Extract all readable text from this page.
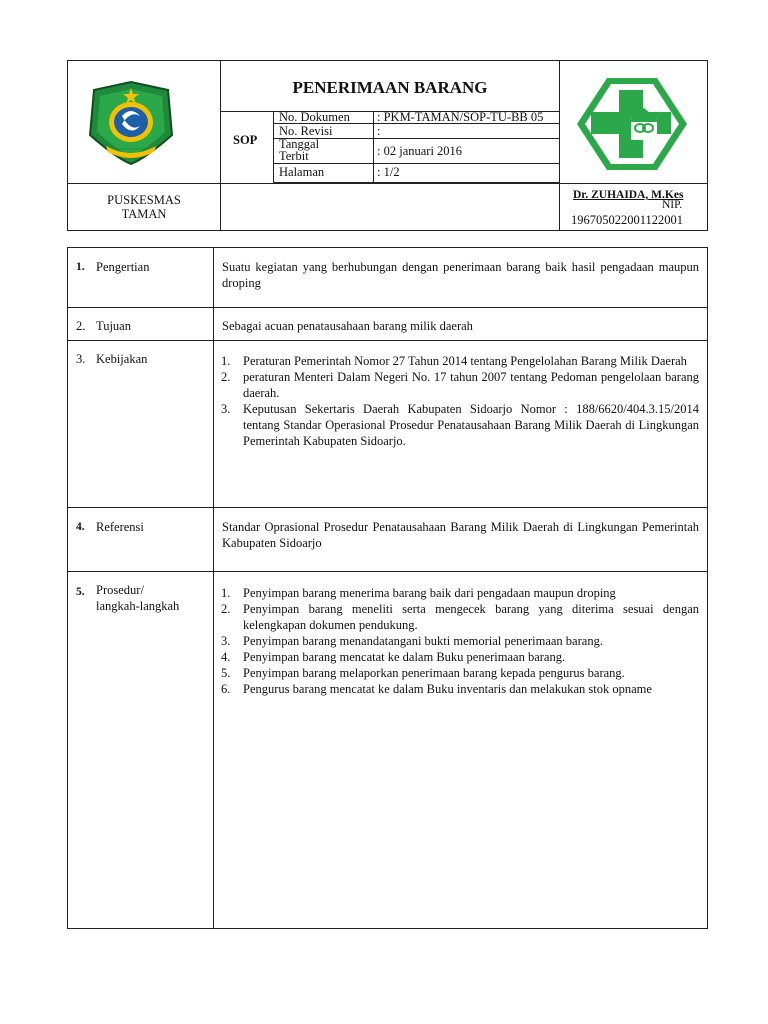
KABUPATEN SIDOARJO
PENERIMAAN BARANG
SOP
No. Dokumen : PKM-TAMAN/SOP-TU-BB 05
No. Revisi	:
Tanggal
Terbit	: 02 januari 2016
Halaman	: 1/2
PUSKESMAS
TAMAN
Dr. ZUHAIDA, M.Kes
NIP.
196705022001122001
1. Pengertian	Suatu kegiatan yang berhubungan dengan penerimaan barang baik hasil pengadaan maupun droping
2. Tujuan	Sebagai acuan penatausahaan barang milik daerah
3. Kebijakan	1. Peraturan Pemerintah Nomor 27 Tahun 2014 tentang Pengelolahan Barang Milik Daerah
2. peraturan Menteri Dalam Negeri No. 17 tahun 2007 tentang Pedoman pengelolaan barang daerah.
3. Keputusan Sekertaris Daerah Kabupaten Sidoarjo Nomor : 188/6620/404.3.15/2014 tentang Standar Operasional Prosedur Penatausahaan Barang Milik Daerah di Lingkungan Pemerintah Kabupaten Sidoarjo.
4. Referensi	Standar Oprasional Prosedur Penatausahaan Barang Milik Daerah di Lingkungan Pemerintah Kabupaten Sidoarjo
5. Prosedur/
langkah-langkah
1. Penyimpan barang menerima barang baik dari pengadaan maupun droping
2. Penyimpan barang meneliti serta mengecek barang yang diterima sesuai dengan kelengkapan dokumen pendukung.
3. Penyimpan barang menandatangani bukti memorial penerimaan barang.
4. Penyimpan barang mencatat ke dalam Buku penerimaan barang.
5. Penyimpan barang melaporkan penerimaan barang kepada pengurus barang.
6. Pengurus barang mencatat ke dalam Buku inventaris dan melakukan stok opname
